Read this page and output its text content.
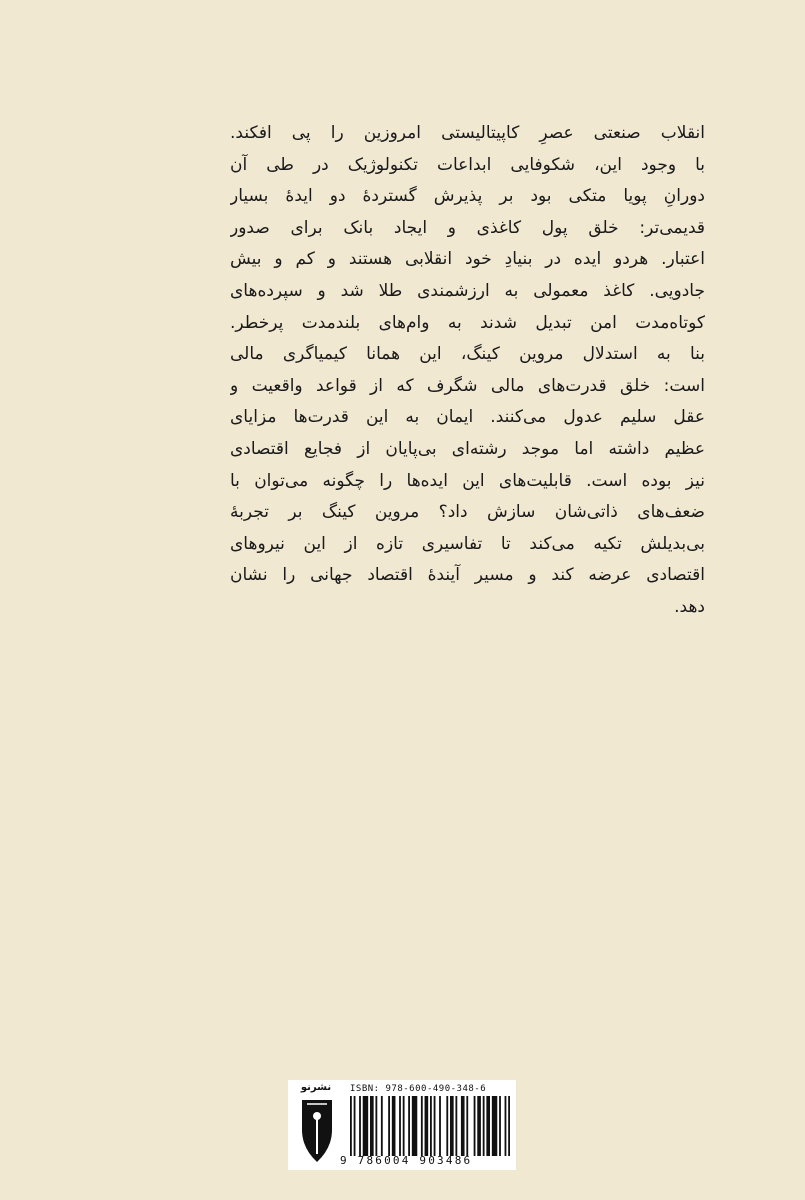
انقلاب صنعتی عصرِ کاپیتالیستی امروزین را پی افکند.
با وجود این، شکوفایی ابداعات تکنولوژیک در طی آن
دورانِ پویا متکی بود بر پذیرش گستردهٔ دو ایدهٔ بسیار
قدیمی‌تر: خلق پول کاغذی و ایجاد بانک برای صدور
اعتبار. هردو ایده در بنیادِ خود انقلابی هستند و کم و بیش
جادویی. کاغذ معمولی به ارزشمندی طلا شد و سپرده‌های
کوتاه‌مدت امن تبدیل شدند به وام‌های بلندمدت پرخطر.
بنا به استدلال مروین کینگ، این همانا کیمیاگری مالی
است: خلق قدرت‌های مالی شگرف که از قواعد واقعیت و
عقل سلیم عدول می‌کنند. ایمان به این قدرت‌ها مزایای
عظیم داشته اما موجد رشته‌ای بی‌پایان از فجایع اقتصادی
نیز بوده است. قابلیت‌های این ایده‌ها را چگونه می‌توان با
ضعف‌های ذاتی‌شان سازش داد؟ مروین کینگ بر تجربهٔ
بی‌بدیلش تکیه می‌کند تا تفاسیری تازه از این نیروهای
اقتصادی عرضه کند و مسیر آیندهٔ اقتصاد جهانی را نشان
دهد.
نشرنو	ISBN: 978-600-490-348-6
9 786004 903486
